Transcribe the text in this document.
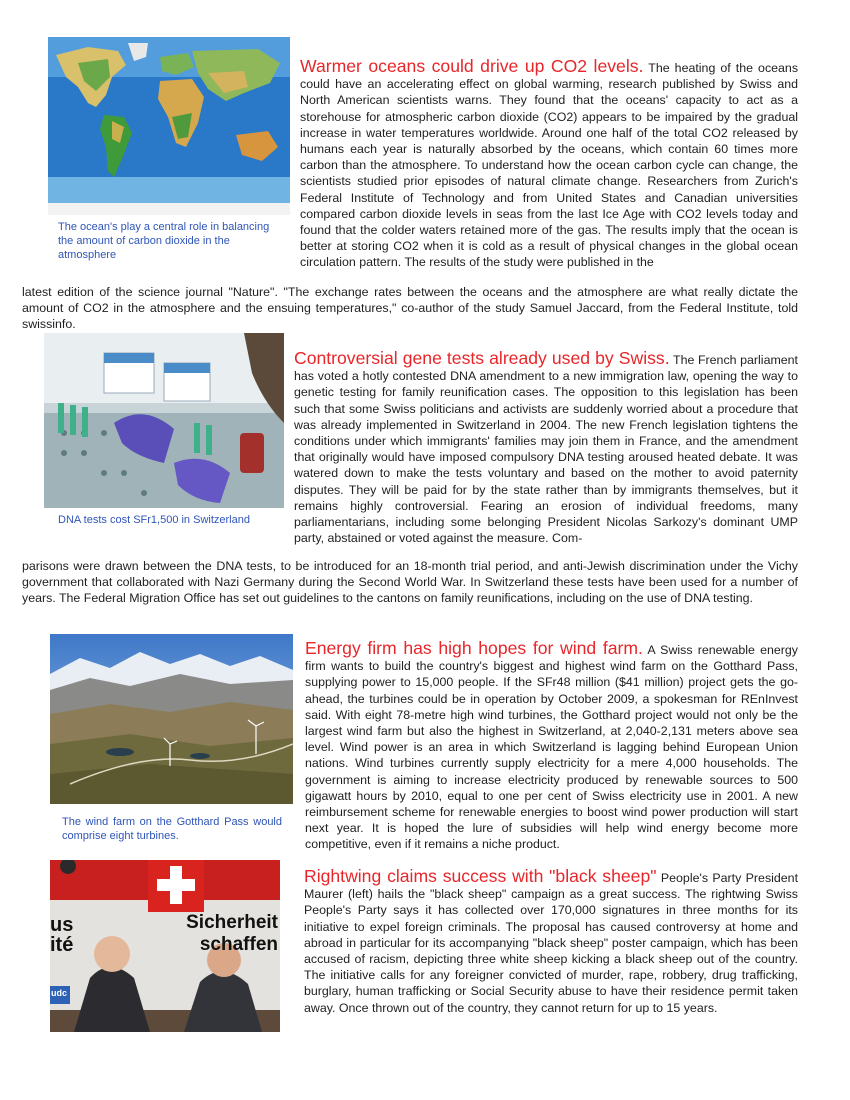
The ocean's play a central role in balancing the amount of carbon dioxide in the atmosphere

Warmer oceans could drive up CO2 levels. The heating of the oceans could have an accelerating effect on global warming, research published by Swiss and North American scientists warns. They found that the oceans' capacity to act as a storehouse for atmospheric carbon dioxide (CO2) appears to be impaired by the gradual increase in water temperatures worldwide. Around one half of the total CO2 released by humans each year is naturally absorbed by the oceans, which contain 60 times more carbon than the atmosphere. To understand how the ocean carbon cycle can change, the scientists studied prior episodes of natural climate change. Researchers from Zurich's Federal Institute of Technology and from United States and Canadian universities compared carbon dioxide levels in seas from the last Ice Age with CO2 levels today and found that the colder waters retained more of the gas. The results imply that the ocean is better at storing CO2 when it is cold as a result of physical changes in the global ocean circulation pattern. The results of the study were published in the

latest edition of the science journal "Nature". "The exchange rates between the oceans and the atmosphere are what really dictate the amount of CO2 in the atmosphere and the ensuing temperatures," co-author of the study Samuel Jaccard, from the Federal Institute, told swissinfo.

DNA tests cost SFr1,500 in Switzerland

Controversial gene tests already used by Swiss. The French parliament has voted a hotly contested DNA amendment to a new immigration law, opening the way to genetic testing for family reunification cases. The opposition to this legislation has been such that some Swiss politicians and activists are suddenly worried about a procedure that was already implemented in Switzerland in 2004. The new French legislation tightens the conditions under which immigrants' families may join them in France, and the amendment that originally would have imposed compulsory DNA testing aroused heated debate. It was watered down to make the tests voluntary and based on the mother to avoid paternity disputes. They will be paid for by the state rather than by immigrants themselves, but it remains highly controversial. Fearing an erosion of individual freedoms, many parliamentarians, including some belonging President Nicolas Sarkozy's dominant UMP party, abstained or voted against the measure. Com-

parisons were drawn between the DNA tests, to be introduced for an 18-month trial period, and anti-Jewish discrimination under the Vichy government that collaborated with Nazi Germany during the Second World War. In Switzerland these tests have been used for a number of years. The Federal Migration Office has set out guidelines to the cantons on family reunifications, including on the use of DNA testing.

The wind farm on the Gotthard Pass would comprise eight turbines.

Energy firm has high hopes for wind farm. A Swiss renewable energy firm wants to build the country's biggest and highest wind farm on the Gotthard Pass, supplying power to 15,000 people. If the SFr48 million ($41 million) project gets the go-ahead, the turbines could be in operation by October 2009, a spokesman for REnInvest said. With eight 78-metre high wind turbines, the Gotthard project would not only be the largest wind farm but also the highest in Switzerland, at 2,040-2,131 meters above sea level. Wind power is an area in which Switzerland is lagging behind European Union nations. Wind turbines currently supply electricity for a mere 4,000 households. The government is aiming to increase electricity produced by renewable sources to 500 gigawatt hours by 2010, equal to one per cent of Swiss electricity use in 2001. A new reimbursement scheme for renewable energies to boost wind power production will start next year. It is hoped the lure of subsidies will help wind energy become more competitive, even if it remains a niche product.

us ité
Sicherheit schaffen
udc

Rightwing claims success with "black sheep" People's Party President Maurer (left) hails the "black sheep" campaign as a great success. The rightwing Swiss People's Party says it has collected over 170,000 signatures in three months for its initiative to expel foreign criminals. The proposal has caused controversy at home and abroad in particular for its accompanying "black sheep" poster campaign, which has been accused of racism, depicting three white sheep kicking a black sheep out of the country. The initiative calls for any foreigner convicted of murder, rape, robbery, drug trafficking, burglary, human trafficking or Social Security abuse to have their residence permit taken away. Once thrown out of the country, they cannot return for up to 15 years.
